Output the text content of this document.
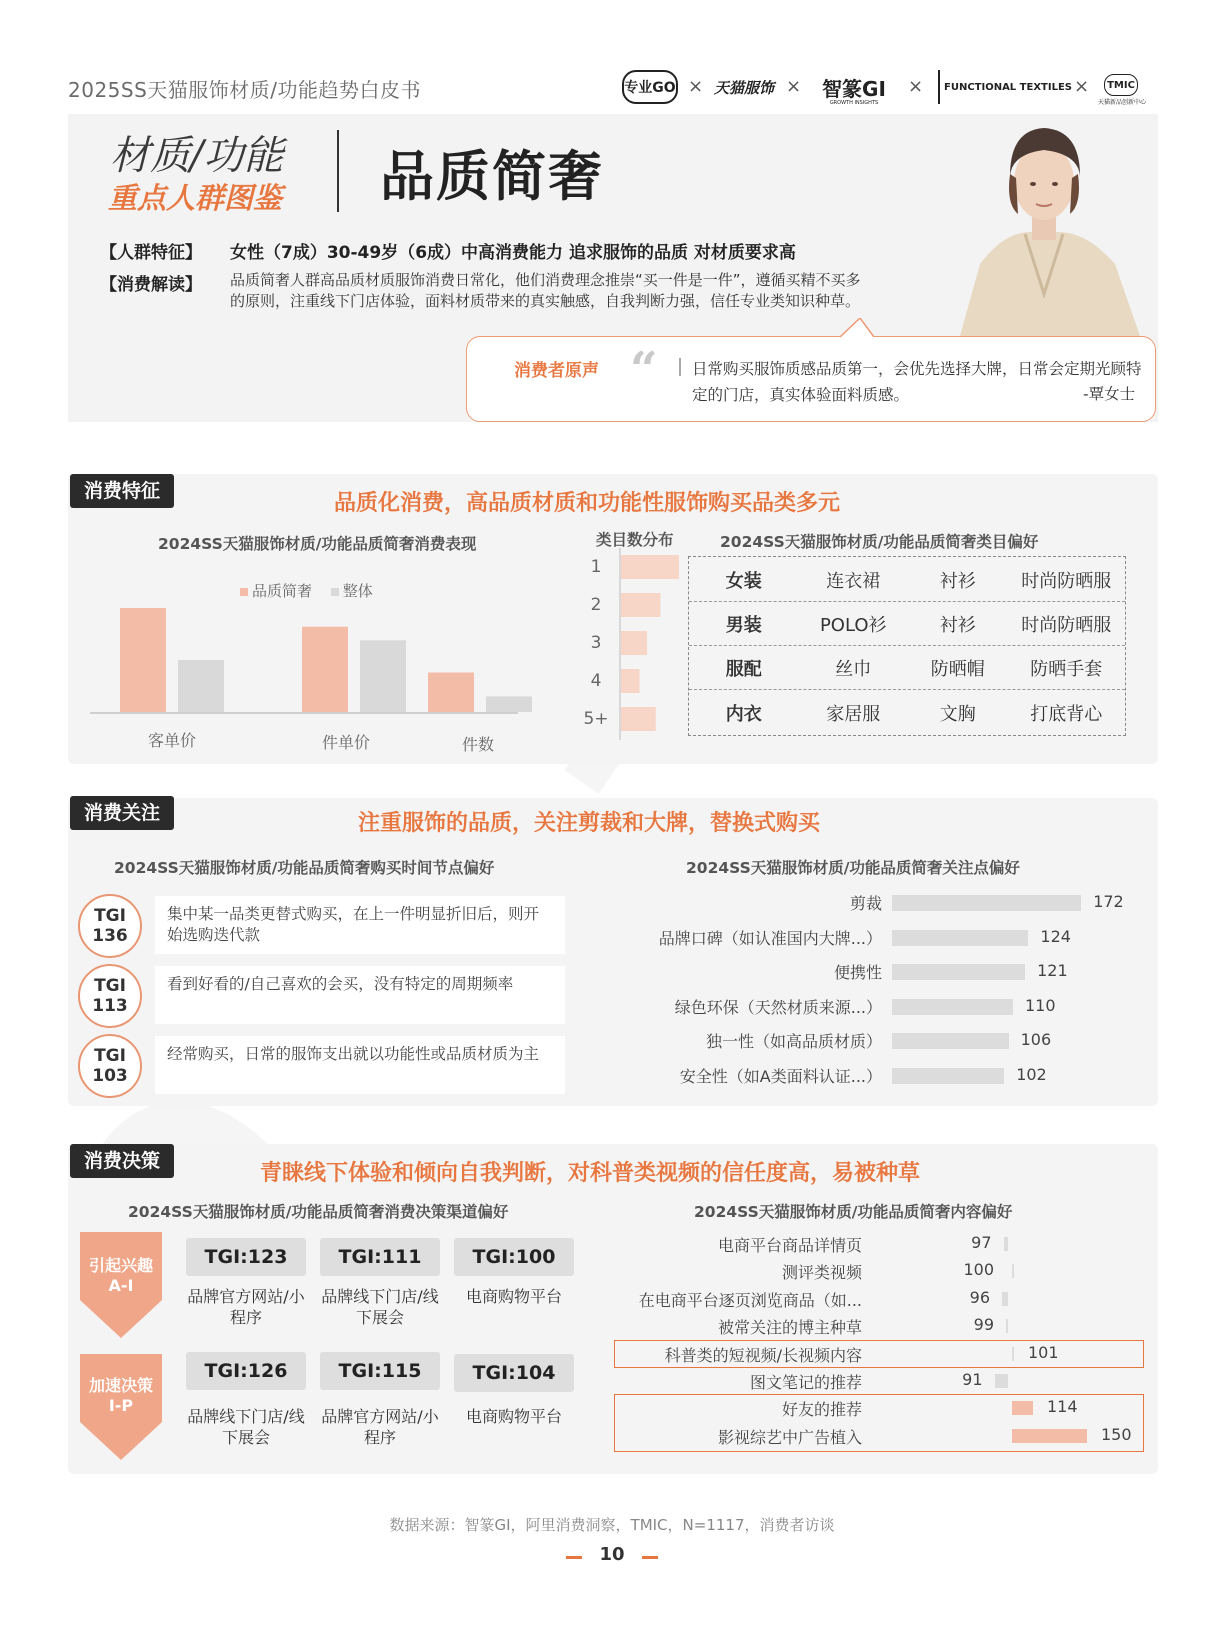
2025SS天猫服饰材质/功能趋势白皮书	专业GO × 天猫服饰 × 智篆GI
GROWTH INSIGHTS
×	FUNCTIONAL TEXTILES ×	TMIC
天猫新品创新中心
材质/功能
重点人群图鉴 品质简奢
【人群特征】 女性（7成）30-49岁（6成）中高消费能力 追求服饰的品质 对材质要求高
【消费解读】 品质简奢人群高品质材质服饰消费日常化，他们消费理念推崇“买一件是一件”，遵循买精不买多的原则，注重线下门店体验，面料材质带来的真实触感，自我判断力强，信任专业类知识种草。
消费者原声 “ 日常购买服饰质感品质第一，会优先选择大牌，日常会定期光顾特定的门店，真实体验面料质感。	-覃女士
消费特征	品质化消费，高品质材质和功能性服饰购买品类多元
2024SS天猫服饰材质/功能品质简奢消费表现
品质简奢 整体
客单价	件单价	件数
类目数分布
1
2
3
4
5+
2024SS天猫服饰材质/功能品质简奢类目偏好
女装	连衣裙	衬衫	时尚防晒服
男装	POLO衫	衬衫	时尚防晒服
服配	丝巾	防晒帽	防晒手套
内衣	家居服	文胸	打底背心
消费关注	注重服饰的品质，关注剪裁和大牌，替换式购买
2024SS天猫服饰材质/功能品质简奢购买时间节点偏好
TGI
136
集中某一品类更替式购买，在上一件明显折旧后，则开始选购迭代款
TGI
113
看到好看的/自己喜欢的会买，没有特定的周期频率
TGI
103
经常购买，日常的服饰支出就以功能性或品质材质为主
2024SS天猫服饰材质/功能品质简奢关注点偏好
剪裁	172
品牌口碑（如认准国内大牌...）	124
便携性	121
绿色环保（天然材质来源...）	110
独一性（如高品质材质）	106
安全性（如A类面料认证...）	102
消费决策	青睐线下体验和倾向自我判断，对科普类视频的信任度高，易被种草
2024SS天猫服饰材质/功能品质简奢消费决策渠道偏好
引起兴趣
A-I
加速决策
I-P
TGI:123	TGI:111	TGI:100
品牌官方网站/小程序
品牌线下门店/线下展会
电商购物平台
TGI:126	TGI:115	TGI:104
品牌线下门店/线下展会
品牌官方网站/小程序
电商购物平台
2024SS天猫服饰材质/功能品质简奢内容偏好
电商平台商品详情页	97
测评类视频	100
在电商平台逐页浏览商品（如...	96
被常关注的博主种草	99
科普类的短视频/长视频内容	101
图文笔记的推荐	91
好友的推荐	114
影视综艺中广告植入	150
数据来源：智篆GI，阿里消费洞察，TMIC，N=1117，消费者访谈
10
